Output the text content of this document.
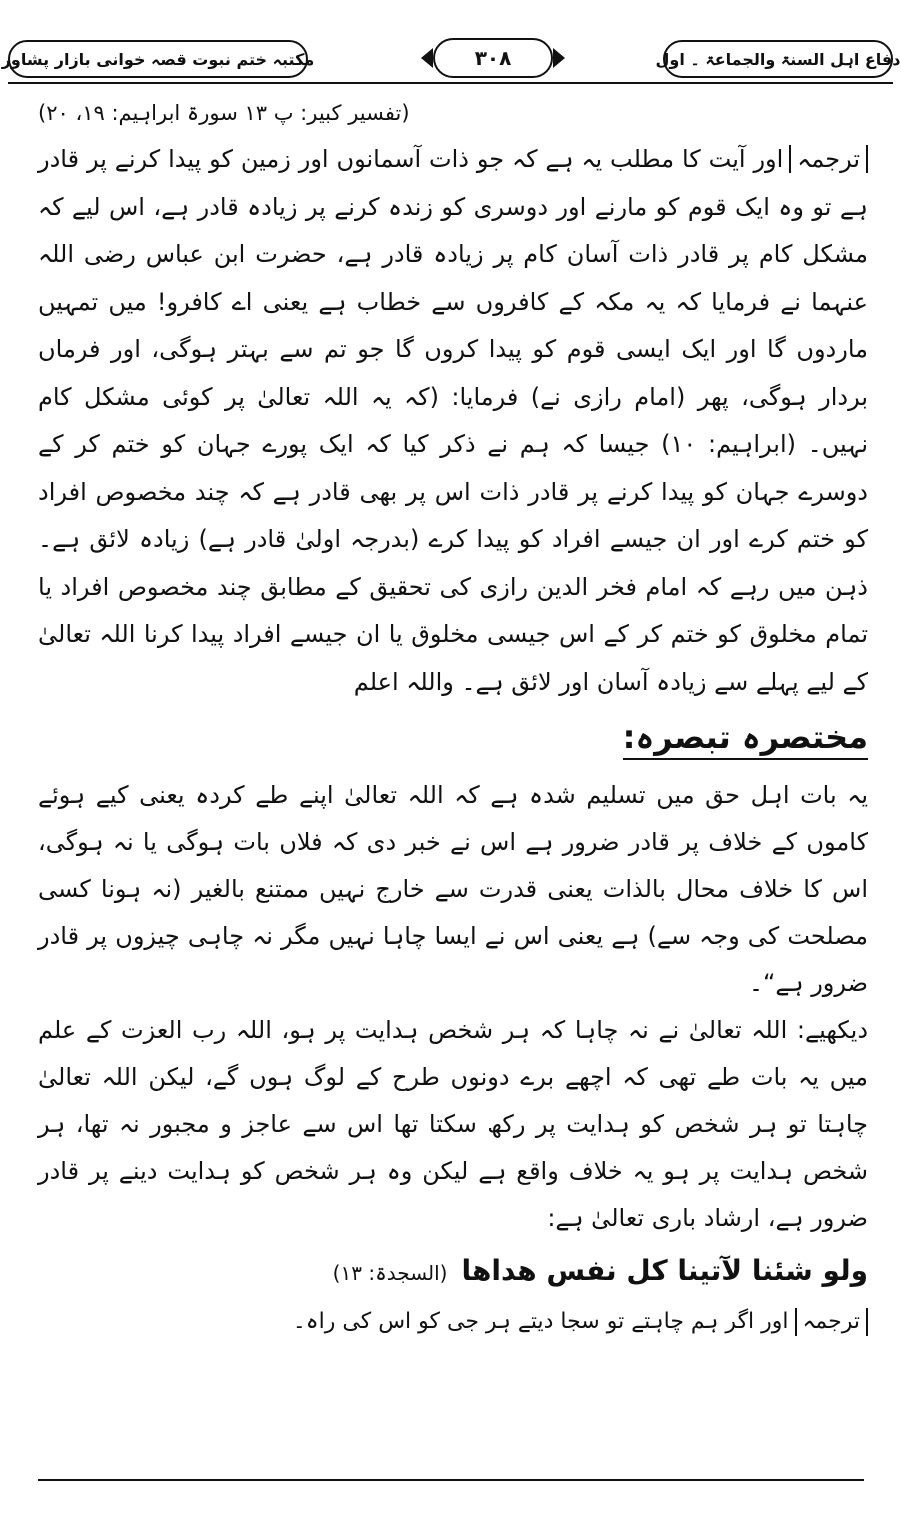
مکتبہ ختم نبوت قصہ خوانی بازار پشاور	۳۰۸	دفاع اہل السنۃ والجماعۃ ۔ اول
(تفسیر کبیر: پ ۱۳ سورۃ ابراہیم: ۱۹، ۲۰)

ترجمہاور آیت کا مطلب یہ ہے کہ جو ذات آسمانوں اور زمین کو پیدا کرنے پر قادر ہے تو وہ ایک قوم کو مارنے اور دوسری کو زندہ کرنے پر زیادہ قادر ہے، اس لیے کہ مشکل کام پر قادر ذات آسان کام پر زیادہ قادر ہے، حضرت ابن عباس رضی اللہ عنہما نے فرمایا کہ یہ مکہ کے کافروں سے خطاب ہے یعنی اے کافرو! میں تمہیں ماردوں گا اور ایک ایسی قوم کو پیدا کروں گا جو تم سے بہتر ہوگی، اور فرماں بردار ہوگی، پھر (امام رازی نے) فرمایا: (کہ یہ اللہ تعالیٰ پر کوئی مشکل کام نہیں۔ (ابراہیم: ۱۰) جیسا کہ ہم نے ذکر کیا کہ ایک پورے جہان کو ختم کر کے دوسرے جہان کو پیدا کرنے پر قادر ذات اس پر بھی قادر ہے کہ چند مخصوص افراد کو ختم کرے اور ان جیسے افراد کو پیدا کرے (بدرجہ اولیٰ قادر ہے) زیادہ لائق ہے۔ ذہن میں رہے کہ امام فخر الدین رازی کی تحقیق کے مطابق چند مخصوص افراد یا تمام مخلوق کو ختم کر کے اس جیسی مخلوق یا ان جیسے افراد پیدا کرنا اللہ تعالیٰ کے لیے پہلے سے زیادہ آسان اور لائق ہے۔ واللہ اعلم

مختصرہ تبصرہ:

یہ بات اہل حق میں تسلیم شدہ ہے کہ اللہ تعالیٰ اپنے طے کردہ یعنی کیے ہوئے کاموں کے خلاف پر قادر ضرور ہے اس نے خبر دی کہ فلاں بات ہوگی یا نہ ہوگی، اس کا خلاف محال بالذات یعنی قدرت سے خارج نہیں ممتنع بالغیر (نہ ہونا کسی مصلحت کی وجہ سے) ہے یعنی اس نے ایسا چاہا نہیں مگر نہ چاہی چیزوں پر قادر ضرور ہے“۔

دیکھیے: اللہ تعالیٰ نے نہ چاہا کہ ہر شخص ہدایت پر ہو، اللہ رب العزت کے علم میں یہ بات طے تھی کہ اچھے برے دونوں طرح کے لوگ ہوں گے، لیکن اللہ تعالیٰ چاہتا تو ہر شخص کو ہدایت پر رکھ سکتا تھا اس سے عاجز و مجبور نہ تھا، ہر شخص ہدایت پر ہو یہ خلاف واقع ہے لیکن وہ ہر شخص کو ہدایت دینے پر قادر ضرور ہے، ارشاد باری تعالیٰ ہے:

ولو شئنا لآتينا كل نفس هداها(السجدۃ: ۱۳)
ترجمہاور اگر ہم چاہتے تو سجا دیتے ہر جی کو اس کی راہ۔
